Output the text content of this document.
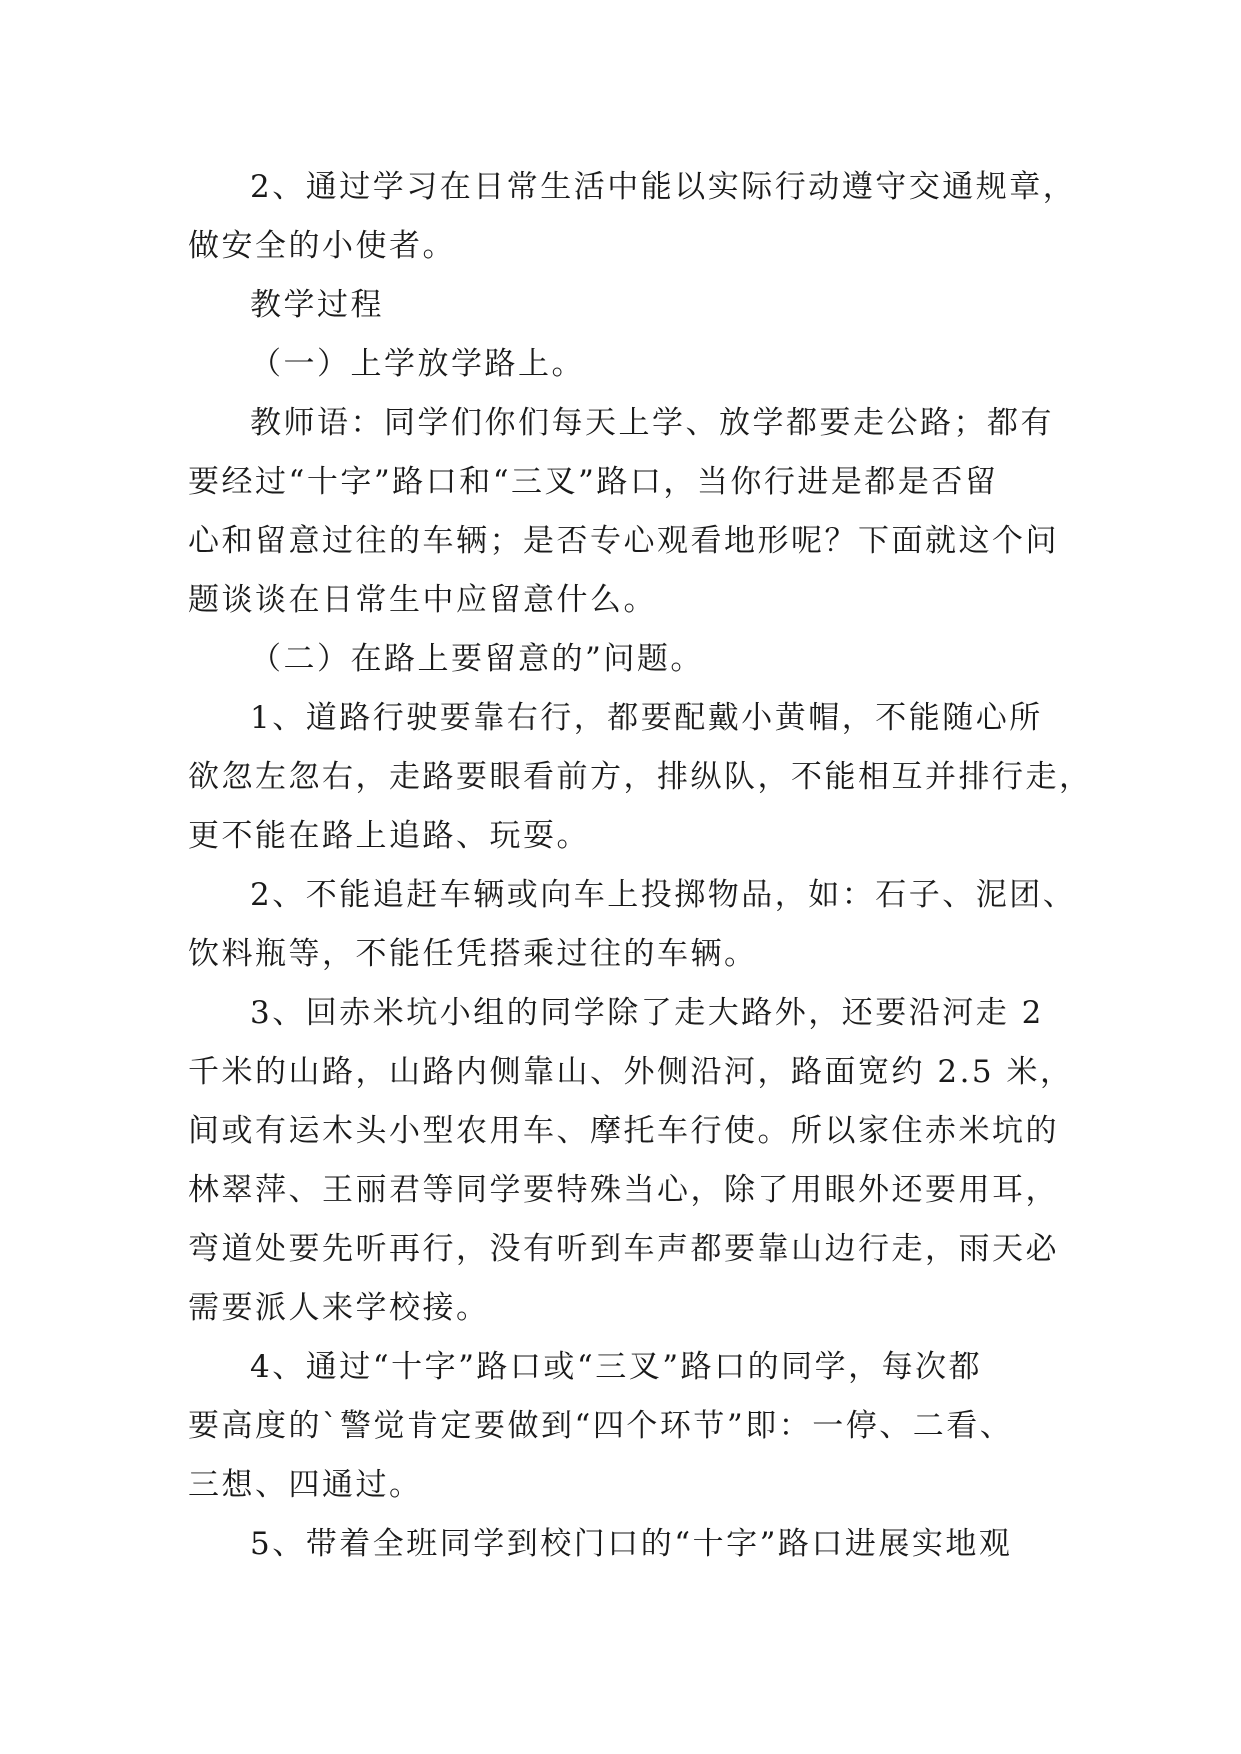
2、通过学习在日常生活中能以实际行动遵守交通规章，
做安全的小使者。
教学过程
（一）上学放学路上。
教师语：同学们你们每天上学、放学都要走公路；都有
要经过“十字”路口和“三叉”路口，当你行进是都是否留
心和留意过往的车辆；是否专心观看地形呢？下面就这个问
题谈谈在日常生中应留意什么。
（二）在路上要留意的”问题。
1、道路行驶要靠右行，都要配戴小黄帽，不能随心所
欲忽左忽右，走路要眼看前方，排纵队，不能相互并排行走，
更不能在路上追路、玩耍。
2、不能追赶车辆或向车上投掷物品，如：石子、泥团、
饮料瓶等，不能任凭搭乘过往的车辆。
3、回赤米坑小组的同学除了走大路外，还要沿河走 2
千米的山路，山路内侧靠山、外侧沿河，路面宽约 2.5 米，
间或有运木头小型农用车、摩托车行使。所以家住赤米坑的
林翠萍、王丽君等同学要特殊当心，除了用眼外还要用耳，
弯道处要先听再行，没有听到车声都要靠山边行走，雨天必
需要派人来学校接。
4、通过“十字”路口或“三叉”路口的同学，每次都
要高度的`警觉肯定要做到“四个环节”即：一停、二看、
三想、四通过。
5、带着全班同学到校门口的“十字”路口进展实地观
